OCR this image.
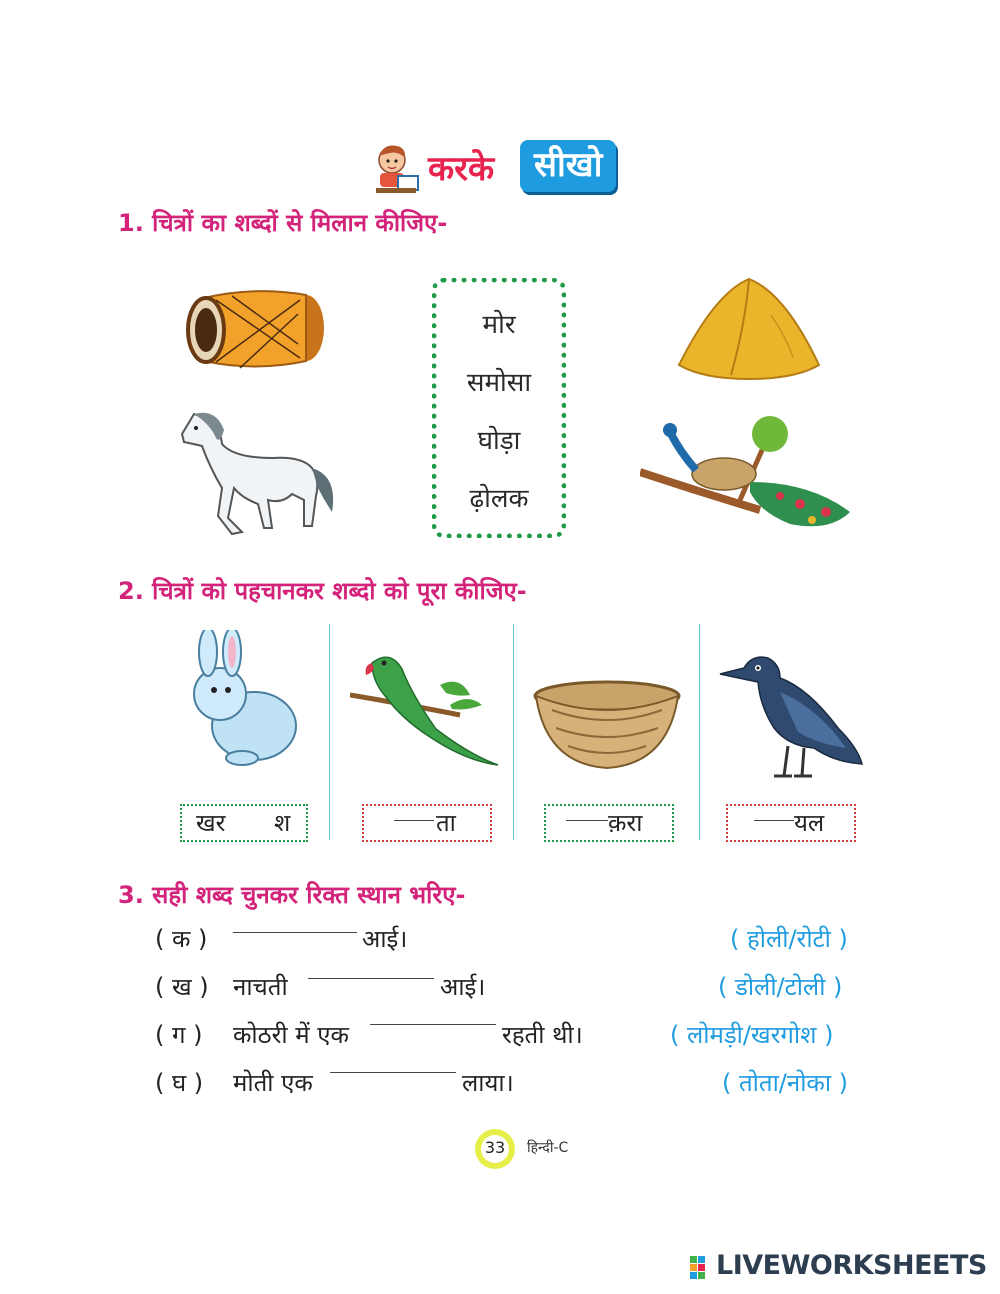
करके	सीखो
1. चित्रों का शब्दों से मिलान कीजिए-
मोर
समोसा
घोड़ा
ढ़ोलक
2. चित्रों को पहचानकर शब्दो को पूरा कीजिए-
खर श	ता	क़रा	यल
3. सही शब्द चुनकर रिक्त स्थान भरिए-
( क )	आई।	( होली/रोटी )
( ख ) नाचती	आई।	( डोली/टोली )
( ग ) कोठरी में एक	रहती थी।	( लोमड़ी/खरगोश )
( घ ) मोती एक	लाया।	( तोता/नोका )
33	हिन्दी-C
LIVEWORKSHEETS
